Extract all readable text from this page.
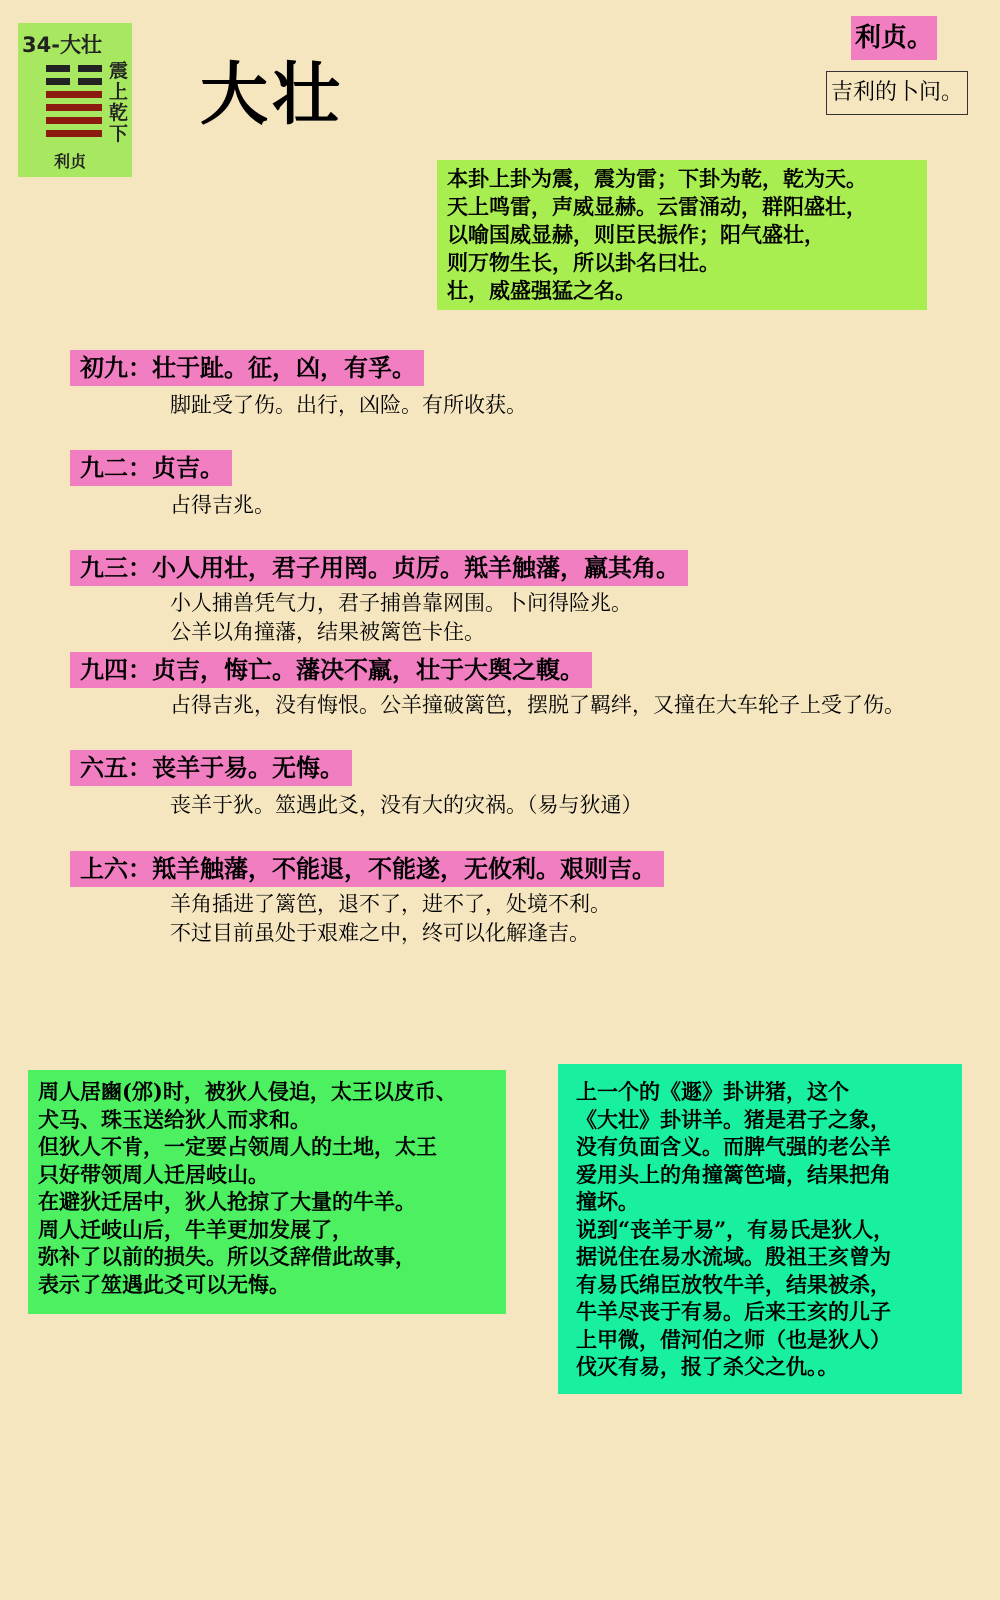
34-大壮
震上乾下
利贞
大壮
利贞。
吉利的卜问。
本卦上卦为震，震为雷；下卦为乾，乾为天。
天上鸣雷，声威显赫。云雷涌动，群阳盛壮，
以喻国威显赫，则臣民振作；阳气盛壮，
则万物生长，所以卦名曰壮。
壮，威盛强猛之名。
初九：壮于趾。征，凶，有孚。
脚趾受了伤。出行，凶险。有所收获。
九二：贞吉。
占得吉兆。
九三：小人用壮，君子用罔。贞厉。羝羊触藩，羸其角。
小人捕兽凭气力，君子捕兽靠网围。卜问得险兆。
公羊以角撞藩，结果被篱笆卡住。
九四：贞吉，悔亡。藩决不羸，壮于大舆之輹。
占得吉兆，没有悔恨。公羊撞破篱笆，摆脱了羁绊，又撞在大车轮子上受了伤。
六五：丧羊于易。无悔。
丧羊于狄。筮遇此爻，没有大的灾祸。（易与狄通）
上六：羝羊触藩，不能退，不能遂，无攸利。艰则吉。
羊角插进了篱笆，退不了，进不了，处境不利。
不过目前虽处于艰难之中，终可以化解逢吉。
周人居豳(邠)时，被狄人侵迫，太王以皮币、
犬马、珠玉送给狄人而求和。
但狄人不肯，一定要占领周人的土地，太王
只好带领周人迁居岐山。
在避狄迁居中，狄人抢掠了大量的牛羊。
周人迁岐山后，牛羊更加发展了，
弥补了以前的损失。所以爻辞借此故事，
表示了筮遇此爻可以无悔。
上一个的《遯》卦讲猪，这个
《大壮》卦讲羊。猪是君子之象，
没有负面含义。而脾气强的老公羊
爱用头上的角撞篱笆墙，结果把角
撞坏。
说到“丧羊于易”，有易氏是狄人，
据说住在易水流域。殷祖王亥曾为
有易氏绵臣放牧牛羊，结果被杀，
牛羊尽丧于有易。后来王亥的儿子
上甲微，借河伯之师（也是狄人）
伐灭有易，报了杀父之仇。。
